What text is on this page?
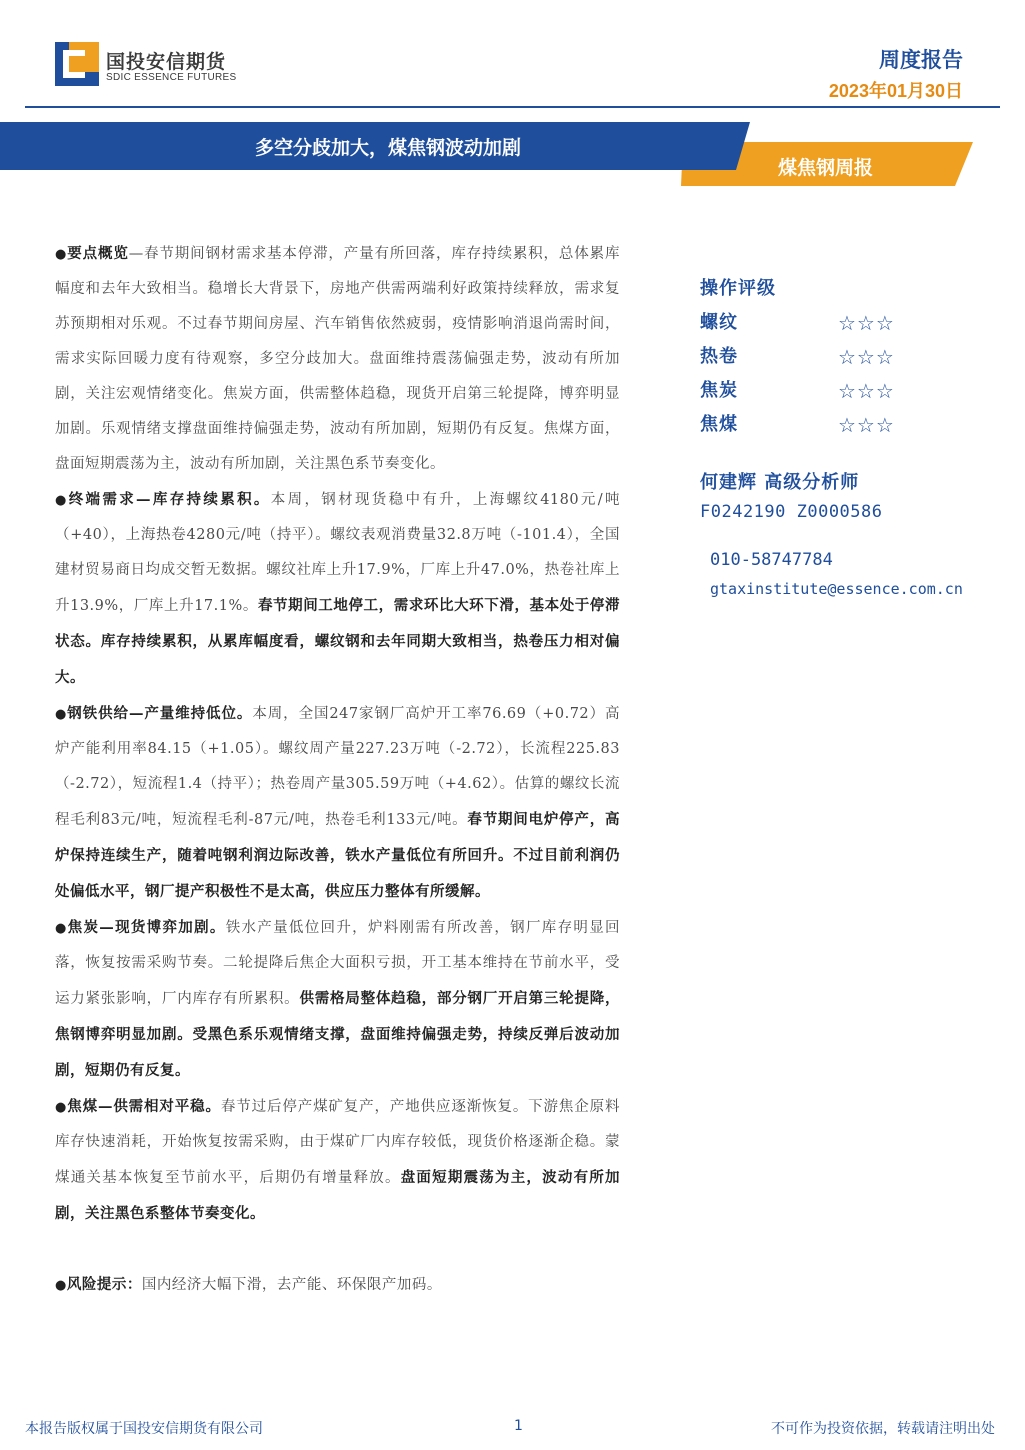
国投安信期货
SDIC ESSENCE FUTURES
周度报告
2023年01月30日
多空分歧加大，煤焦钢波动加剧
煤焦钢周报

●要点概览—春节期间钢材需求基本停滞，产量有所回落，库存持续累积，总体累库幅度和去年大致相当。稳增长大背景下，房地产供需两端利好政策持续释放，需求复苏预期相对乐观。不过春节期间房屋、汽车销售依然疲弱，疫情影响消退尚需时间，需求实际回暖力度有待观察，多空分歧加大。盘面维持震荡偏强走势，波动有所加剧，关注宏观情绪变化。焦炭方面，供需整体趋稳，现货开启第三轮提降，博弈明显加剧。乐观情绪支撑盘面维持偏强走势，波动有所加剧，短期仍有反复。焦煤方面，盘面短期震荡为主，波动有所加剧，关注黑色系节奏变化。

●终端需求—库存持续累积。本周，钢材现货稳中有升，上海螺纹4180元/吨（+40），上海热卷4280元/吨（持平）。螺纹表观消费量32.8万吨（-101.4），全国建材贸易商日均成交暂无数据。螺纹社库上升17.9%，厂库上升47.0%，热卷社库上升13.9%，厂库上升17.1%。春节期间工地停工，需求环比大环下滑，基本处于停滞状态。库存持续累积，从累库幅度看，螺纹钢和去年同期大致相当，热卷压力相对偏大。

●钢铁供给—产量维持低位。本周，全国247家钢厂高炉开工率76.69（+0.72）高炉产能利用率84.15（+1.05）。螺纹周产量227.23万吨（-2.72），长流程225.83（-2.72），短流程1.4（持平）；热卷周产量305.59万吨（+4.62）。估算的螺纹长流程毛利83元/吨，短流程毛利-87元/吨，热卷毛利133元/吨。春节期间电炉停产，高炉保持连续生产，随着吨钢利润边际改善，铁水产量低位有所回升。不过目前利润仍处偏低水平，钢厂提产积极性不是太高，供应压力整体有所缓解。

●焦炭—现货博弈加剧。铁水产量低位回升，炉料刚需有所改善，钢厂库存明显回落，恢复按需采购节奏。二轮提降后焦企大面积亏损，开工基本维持在节前水平，受运力紧张影响，厂内库存有所累积。供需格局整体趋稳，部分钢厂开启第三轮提降，焦钢博弈明显加剧。受黑色系乐观情绪支撑，盘面维持偏强走势，持续反弹后波动加剧，短期仍有反复。

●焦煤—供需相对平稳。春节过后停产煤矿复产，产地供应逐渐恢复。下游焦企原料库存快速消耗，开始恢复按需采购，由于煤矿厂内库存较低，现货价格逐渐企稳。蒙煤通关基本恢复至节前水平，后期仍有增量释放。盘面短期震荡为主，波动有所加剧，关注黑色系整体节奏变化。

●风险提示：国内经济大幅下滑，去产能、环保限产加码。

操作评级
螺纹	☆☆☆
热卷	☆☆☆
焦炭	☆☆☆
焦煤	☆☆☆
何建辉 高级分析师
F0242190 Z0000586
010-58747784
gtaxinstitute@essence.com.cn
本报告版权属于国投安信期货有限公司	1	不可作为投资依据，转载请注明出处
